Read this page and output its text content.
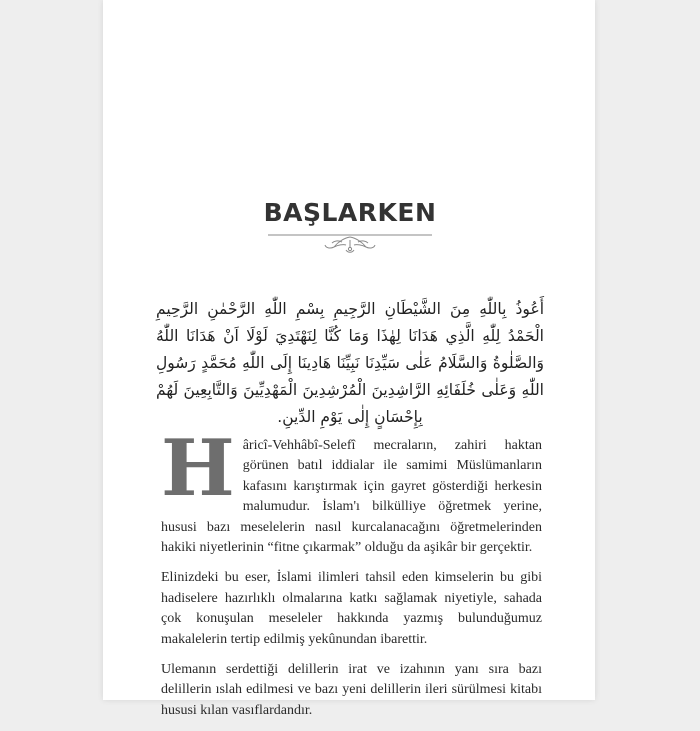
BAŞLARKEN

أَعُوذُ بِاللّٰهِ مِنَ الشَّيْطَانِ الرَّجِيمِ بِسْمِ اللّٰهِ الرَّحْمٰنِ الرَّحِيمِ الْحَمْدُ لِلّٰهِ الَّذِي هَدَانَا لِهٰذَا وَمَا كُنَّا لِنَهْتَدِيَ لَوْلَا اَنْ هَدَانَا اللّٰهُ وَالصَّلٰوةُ وَالسَّلَامُ عَلٰى سَيِّدِنَا نَبِيِّنَا هَادِينَا إِلَى اللّٰهِ مُحَمَّدٍ رَسُولِ اللّٰهِ وَعَلٰى خُلَفَائِهِ الرَّاشِدِينَ الْمُرْشِدِينَ الْمَهْدِيِّينَ وَالتَّابِعِينَ لَهُمْ بِإِحْسَانٍ إِلٰى يَوْمِ الدِّينِ.

Hâricî-Vehhâbî-Selefî mecraların, zahiri haktan görünen batıl iddialar ile samimi Müslümanların kafasını karıştırmak için gayret gösterdiği herkesin malumudur. İslam'ı bilkülliye öğretmek yerine, hususi bazı meselelerin nasıl kurcalanacağını öğretmelerinden hakiki niyetlerinin “fitne çıkarmak” olduğu da aşikâr bir gerçektir.

Elinizdeki bu eser, İslami ilimleri tahsil eden kimselerin bu gibi hadiselere hazırlıklı olmalarına katkı sağlamak niyetiyle, sahada çok konuşulan meseleler hakkında yazmış bulunduğumuz makalelerin tertip edilmiş yekûnundan ibarettir.

Ulemanın serdettiği delillerin irat ve izahının yanı sıra bazı delillerin ıslah edilmesi ve bazı yeni delillerin ileri sürülmesi kitabı hususi kılan vasıflardandır.
